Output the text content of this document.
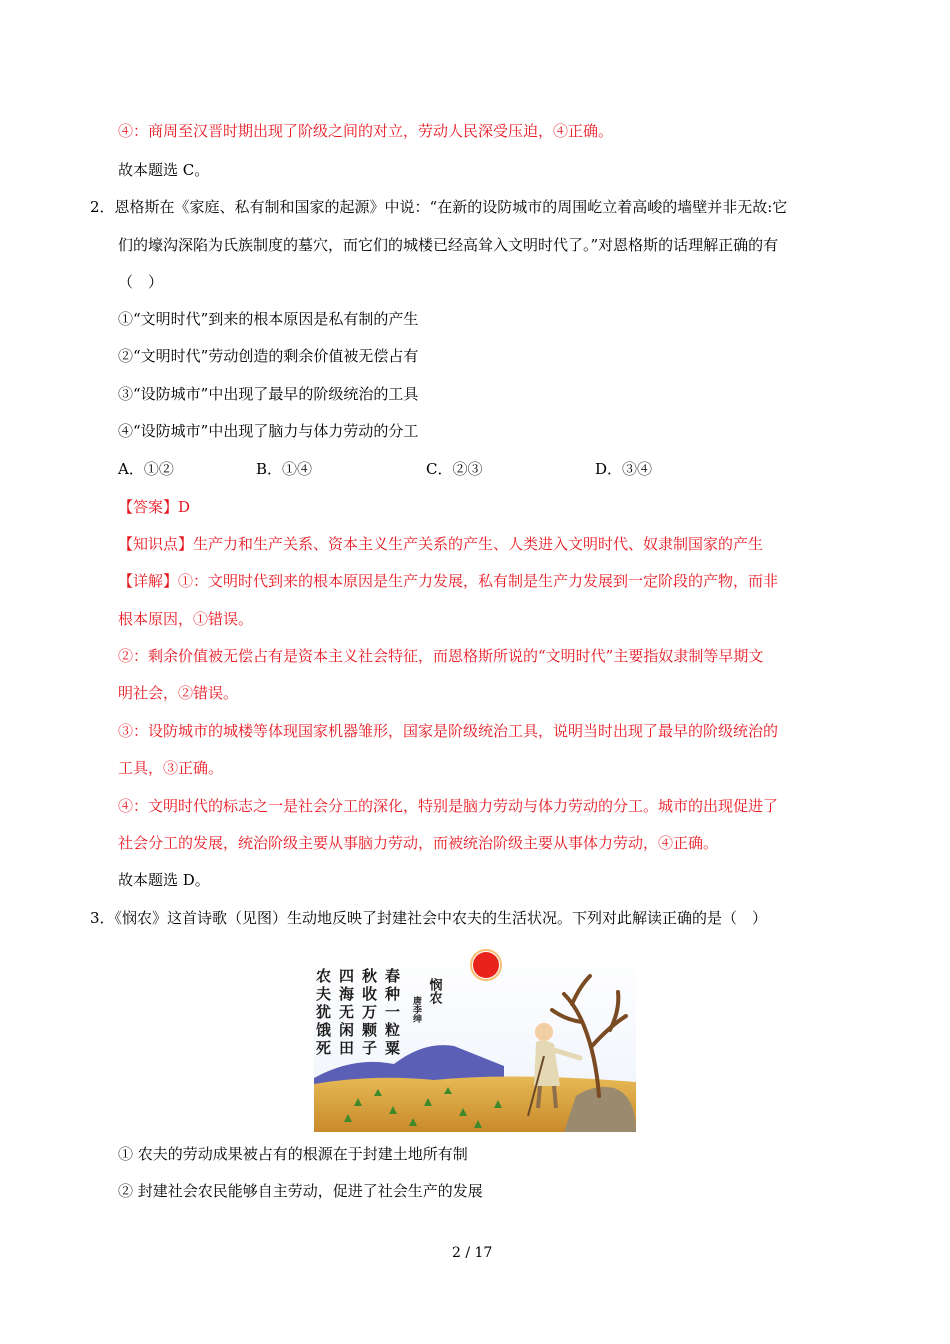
④：商周至汉晋时期出现了阶级之间的对立，劳动人民深受压迫，④正确。
故本题选 C。
2．恩格斯在《家庭、私有制和国家的起源》中说：“在新的设防城市的周围屹立着高峻的墙壁并非无故:它
们的壕沟深陷为氏族制度的墓穴，而它们的城楼已经高耸入文明时代了。”对恩格斯的话理解正确的有
（　）
①“文明时代”到来的根本原因是私有制的产生
②“文明时代”劳动创造的剩余价值被无偿占有
③“设防城市”中出现了最早的阶级统治的工具
④“设防城市”中出现了脑力与体力劳动的分工
A．①②	B．①④	C．②③	D．③④
【答案】D
【知识点】生产力和生产关系、资本主义生产关系的产生、人类进入文明时代、奴隶制国家的产生
【详解】①：文明时代到来的根本原因是生产力发展，私有制是生产力发展到一定阶段的产物，而非
根本原因，①错误。
②：剩余价值被无偿占有是资本主义社会特征，而恩格斯所说的“文明时代”主要指奴隶制等早期文
明社会，②错误。
③：设防城市的城楼等体现国家机器雏形，国家是阶级统治工具，说明当时出现了最早的阶级统治的
工具，③正确。
④：文明时代的标志之一是社会分工的深化，特别是脑力劳动与体力劳动的分工。城市的出现促进了
社会分工的发展，统治阶级主要从事脑力劳动，而被统治阶级主要从事体力劳动，④正确。
故本题选 D。
3．《悯农》这首诗歌（见图）生动地反映了封建社会中农夫的生活状况。下列对此解读正确的是（　）
悯农
唐李绅
春种一粒粟
秋收万颗子
四海无闲田
农夫犹饿死
① 农夫的劳动成果被占有的根源在于封建土地所有制
② 封建社会农民能够自主劳动，促进了社会生产的发展
2 / 17
